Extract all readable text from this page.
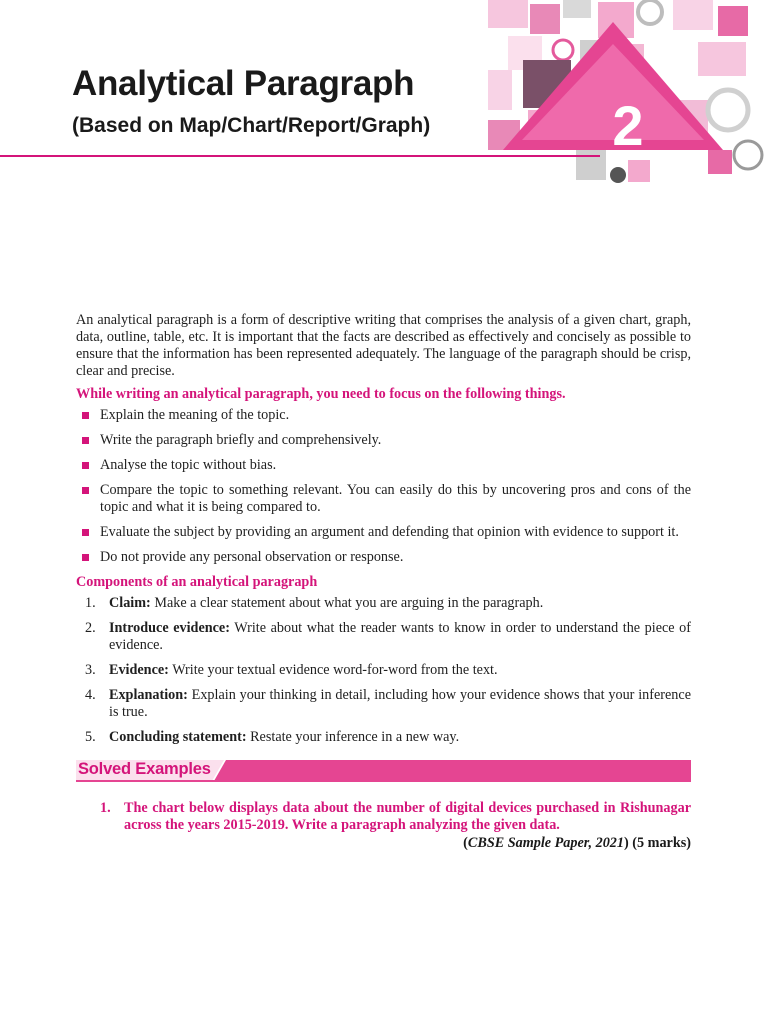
2
Analytical Paragraph
(Based on Map/Chart/Report/Graph)

An analytical paragraph is a form of descriptive writing that comprises the analysis of a given chart, graph, data, outline, table, etc. It is important that the facts are described as effectively and concisely as possible to ensure that the information has been represented adequately. The language of the paragraph should be crisp, clear and precise.

While writing an analytical paragraph, you need to focus on the following things.
Explain the meaning of the topic.
Write the paragraph briefly and comprehensively.
Analyse the topic without bias.
Compare the topic to something relevant. You can easily do this by uncovering pros and cons of the topic and what it is being compared to.
Evaluate the subject by providing an argument and defending that opinion with evidence to support it.
Do not provide any personal observation or response.
Components of an analytical paragraph
1. Claim: Make a clear statement about what you are arguing in the paragraph.
2. Introduce evidence: Write about what the reader wants to know in order to understand the piece of evidence.
3. Evidence: Write your textual evidence word-for-word from the text.
4. Explanation: Explain your thinking in detail, including how your evidence shows that your inference is true.
5. Concluding statement: Restate your inference in a new way.
Solved Examples
1. The chart below displays data about the number of digital devices purchased in Rishunagar across the years 2015-2019. Write a paragraph analyzing the given data.
(CBSE Sample Paper, 2021) (5 marks)
